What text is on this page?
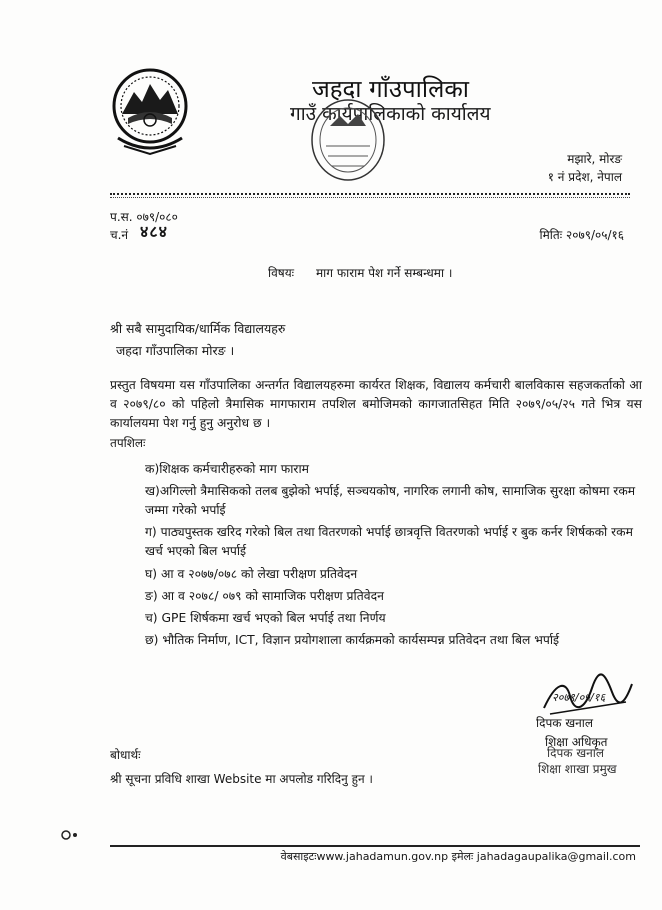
जहदा गाँउपालिका
गाउँ कार्यपालिकाको कार्यालय
मझारे, मोरङ
१ नं प्रदेश, नेपाल
प.स. ०७९/०८०
च.नं ४८४	मितिः २०७९/०५/१६
विषयः माग फाराम पेश गर्ने सम्बन्धमा ।
श्री सबै सामुदायिक/धार्मिक विद्यालयहरु
जहदा गाँउपालिका मोरङ ।
प्रस्तुत विषयमा यस गाँउपालिका अन्तर्गत विद्यालयहरुमा कार्यरत शिक्षक, विद्यालय कर्मचारी बालविकास सहजकर्ताको आ व २०७९/८० को पहिलो त्रैमासिक मागफाराम तपशिल बमोजिमको कागजातसिहत मिति २०७९/०५/२५ गते भित्र यस कार्यालयमा पेश गर्नु हुनु अनुरोध छ ।
तपशिलः
क)शिक्षक कर्मचारीहरुको माग फाराम
ख)अगिल्लो त्रैमासिकको तलब बुझेको भर्पाई, सञ्चयकोष, नागरिक लगानी कोष, सामाजिक सुरक्षा कोषमा रकम जम्मा गरेको भर्पाई
ग) पाठ्यपुस्तक खरिद गरेको बिल तथा वितरणको भर्पाई छात्रवृत्ति वितरणको भर्पाई र बुक कर्नर शिर्षकको रकम खर्च भएको बिल भर्पाई
घ) आ व २०७७/०७८ को लेखा परीक्षण प्रतिवेदन
ङ) आ व २०७८/ ०७९ को सामाजिक परीक्षण प्रतिवेदन
च) GPE शिर्षकमा खर्च भएको बिल भर्पाई तथा निर्णय
छ) भौतिक निर्माण, ICT, विज्ञान प्रयोगशाला कार्यक्रमको कार्यसम्पन्न प्रतिवेदन तथा बिल भर्पाई
२०७९/०५/१६
दिपक खनाल
शिक्षा अधिकृत
दिपक खनाल
शिक्षा शाखा प्रमुख
बोधार्थः
श्री सूचना प्रविधि शाखा Website मा अपलोड गरिदिनु हुन ।
वेबसाइटःwww.jahadamun.gov.np इमेलः jahadagaupalika@gmail.com
